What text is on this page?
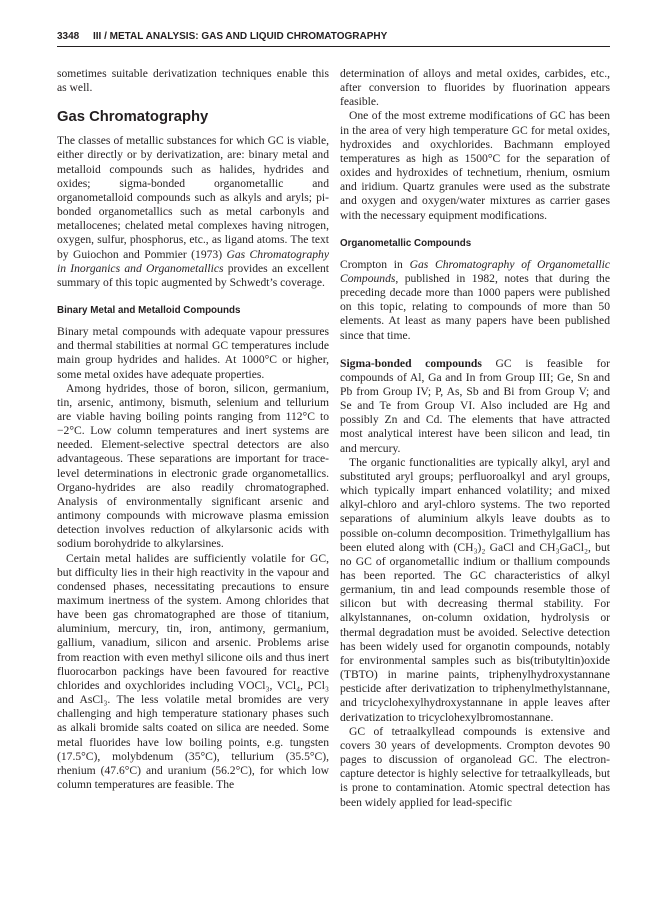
3348 III / METAL ANALYSIS: GAS AND LIQUID CHROMATOGRAPHY

sometimes suitable derivatization techniques enable this as well.

Gas Chromatography

The classes of metallic substances for which GC is viable, either directly or by derivatization, are: binary metal and metalloid compounds such as halides, hydrides and oxides; sigma-bonded organometallic and organometalloid compounds such as alkyls and aryls; pi-bonded organometallics such as metal carbonyls and metallocenes; chelated metal complexes having nitrogen, oxygen, sulfur, phosphorus, etc., as ligand atoms. The text by Guiochon and Pommier (1973) Gas Chromatography in Inorganics and Organometallics provides an excellent summary of this topic augmented by Schwedt’s coverage.

Binary Metal and Metalloid Compounds

Binary metal compounds with adequate vapour pressures and thermal stabilities at normal GC temperatures include main group hydrides and halides. At 1000°C or higher, some metal oxides have adequate properties.

Among hydrides, those of boron, silicon, germanium, tin, arsenic, antimony, bismuth, selenium and tellurium are viable having boiling points ranging from 112°C to −2°C. Low column temperatures and inert systems are needed. Element-selective spectral detectors are also advantageous. These separations are important for trace-level determinations in electronic grade organometallics. Organo-hydrides are also readily chromatographed. Analysis of environmentally significant arsenic and antimony compounds with microwave plasma emission detection involves reduction of alkylarsonic acids with sodium borohydride to alkylarsines.

Certain metal halides are sufficiently volatile for GC, but difficulty lies in their high reactivity in the vapour and condensed phases, necessitating precautions to ensure maximum inertness of the system. Among chlorides that have been gas chromatographed are those of titanium, aluminium, mercury, tin, iron, antimony, germanium, gallium, vanadium, silicon and arsenic. Problems arise from reaction with even methyl silicone oils and thus inert fluorocarbon packings have been favoured for reactive chlorides and oxychlorides including VOCl₃, VCl₄, PCl₃ and AsCl₃. The less volatile metal bromides are very challenging and high temperature stationary phases such as alkali bromide salts coated on silica are needed. Some metal fluorides have low boiling points, e.g. tungsten (17.5°C), molybdenum (35°C), tellurium (35.5°C), rhenium (47.6°C) and uranium (56.2°C), for which low column temperatures are feasible. The

determination of alloys and metal oxides, carbides, etc., after conversion to fluorides by fluorination appears feasible.

One of the most extreme modifications of GC has been in the area of very high temperature GC for metal oxides, hydroxides and oxychlorides. Bachmann employed temperatures as high as 1500°C for the separation of oxides and hydroxides of technetium, rhenium, osmium and iridium. Quartz granules were used as the substrate and oxygen and oxygen/water mixtures as carrier gases with the necessary equipment modifications.

Organometallic Compounds

Crompton in Gas Chromatography of Organometallic Compounds, published in 1982, notes that during the preceding decade more than 1000 papers were published on this topic, relating to compounds of more than 50 elements. At least as many papers have been published since that time.

Sigma-bonded compounds GC is feasible for compounds of Al, Ga and In from Group III; Ge, Sn and Pb from Group IV; P, As, Sb and Bi from Group V; and Se and Te from Group VI. Also included are Hg and possibly Zn and Cd. The elements that have attracted most analytical interest have been silicon and lead, tin and mercury.

The organic functionalities are typically alkyl, aryl and substituted aryl groups; perfluoroalkyl and aryl groups, which typically impart enhanced volatility; and mixed alkyl-chloro and aryl-chloro systems. The two reported separations of aluminium alkyls leave doubts as to possible on-column decomposition. Trimethylgallium has been eluted along with (CH₃)₂ GaCl and CH₃GaCl₂, but no GC of organometallic indium or thallium compounds has been reported. The GC characteristics of alkyl germanium, tin and lead compounds resemble those of silicon but with decreasing thermal stability. For alkylstannanes, on-column oxidation, hydrolysis or thermal degradation must be avoided. Selective detection has been widely used for organotin compounds, notably for environmental samples such as bis(tributyltin)oxide (TBTO) in marine paints, triphenylhydroxystannane pesticide after derivatization to triphenylmethylstannane, and tricyclohexylhydroxystannane in apple leaves after derivatization to tricyclohexylbromostannane.

GC of tetraalkyllead compounds is extensive and covers 30 years of developments. Crompton devotes 90 pages to discussion of organolead GC. The electron-capture detector is highly selective for tetraalkylleads, but is prone to contamination. Atomic spectral detection has been widely applied for lead-specific
